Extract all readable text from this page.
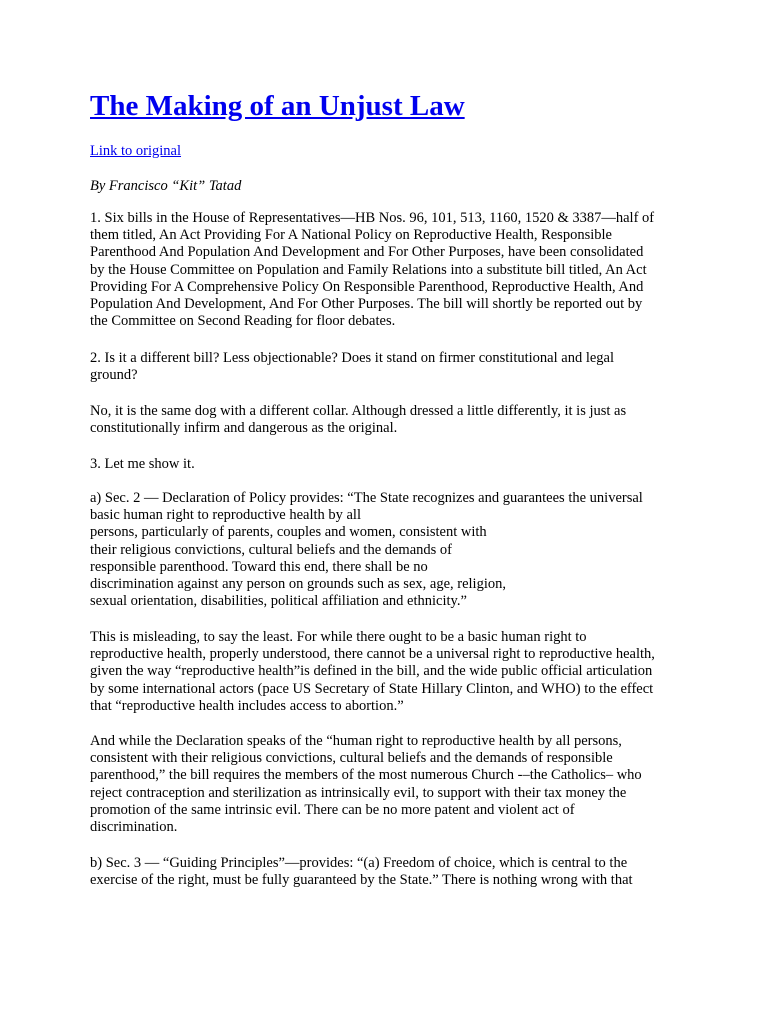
The Making of an Unjust Law
Link to original
By Francisco “Kit” Tatad

1. Six bills in the House of Representatives—HB Nos. 96, 101, 513, 1160, 1520 & 3387—half of
them titled, An Act Providing For A National Policy on Reproductive Health, Responsible
Parenthood And Population And Development and For Other Purposes, have been consolidated
by the House Committee on Population and Family Relations into a substitute bill titled, An Act
Providing For A Comprehensive Policy On Responsible Parenthood, Reproductive Health, And
Population And Development, And For Other Purposes. The bill will shortly be reported out by
the Committee on Second Reading for floor debates.

2. Is it a different bill? Less objectionable? Does it stand on firmer constitutional and legal
ground?

No, it is the same dog with a different collar. Although dressed a little differently, it is just as
constitutionally infirm and dangerous as the original.

3. Let me show it.

a) Sec. 2 — Declaration of Policy provides: “The State recognizes and guarantees the universal
basic human right to reproductive health by all
persons, particularly of parents, couples and women, consistent with
their religious convictions, cultural beliefs and the demands of
responsible parenthood. Toward this end, there shall be no
discrimination against any person on grounds such as sex, age, religion,
sexual orientation, disabilities, political affiliation and ethnicity.”

This is misleading, to say the least. For while there ought to be a basic human right to
reproductive health, properly understood, there cannot be a universal right to reproductive health,
given the way “reproductive health”is defined in the bill, and the wide public official articulation
by some international actors (pace US Secretary of State Hillary Clinton, and WHO) to the effect
that “reproductive health includes access to abortion.”

And while the Declaration speaks of the “human right to reproductive health by all persons,
consistent with their religious convictions, cultural beliefs and the demands of responsible
parenthood,” the bill requires the members of the most numerous Church -–the Catholics– who
reject contraception and sterilization as intrinsically evil, to support with their tax money the
promotion of the same intrinsic evil. There can be no more patent and violent act of
discrimination.

b) Sec. 3 — “Guiding Principles”—provides: “(a) Freedom of choice, which is central to the
exercise of the right, must be fully guaranteed by the State.” There is nothing wrong with that
